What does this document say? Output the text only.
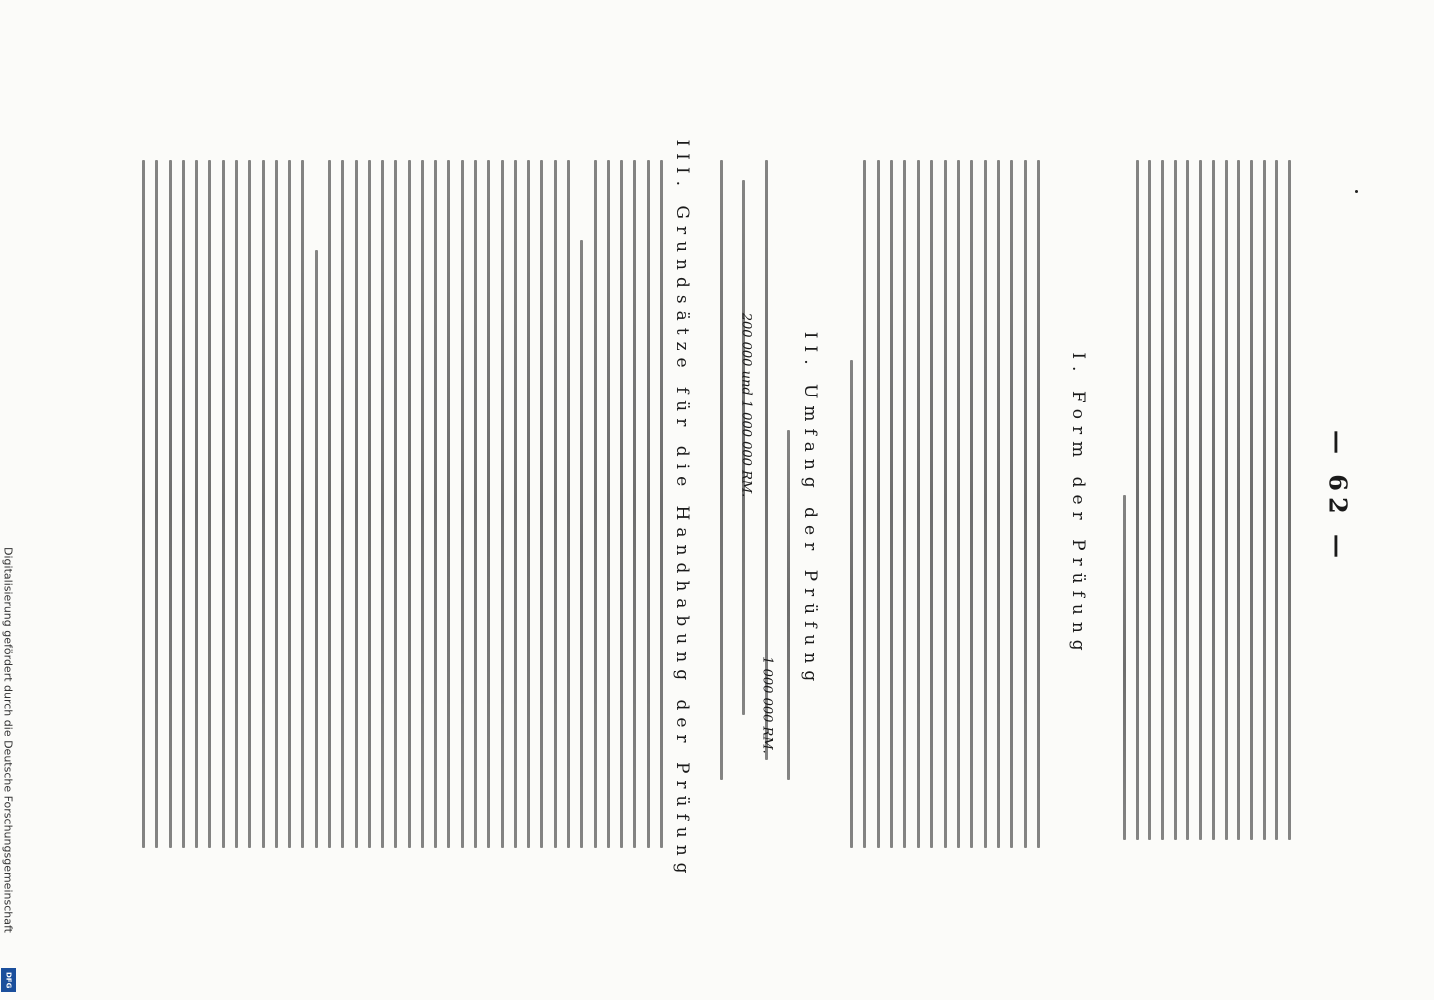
— 62 —
I. Form der Prüfung
II. Umfang der Prüfung
1 000 000 RM.
200 000 und 1 000 000 RM.
III. Grundsätze für die Handhabung der Prüfung
Digitalisierung gefördert durch die Deutsche Forschungsgemeinschaft
DFG
